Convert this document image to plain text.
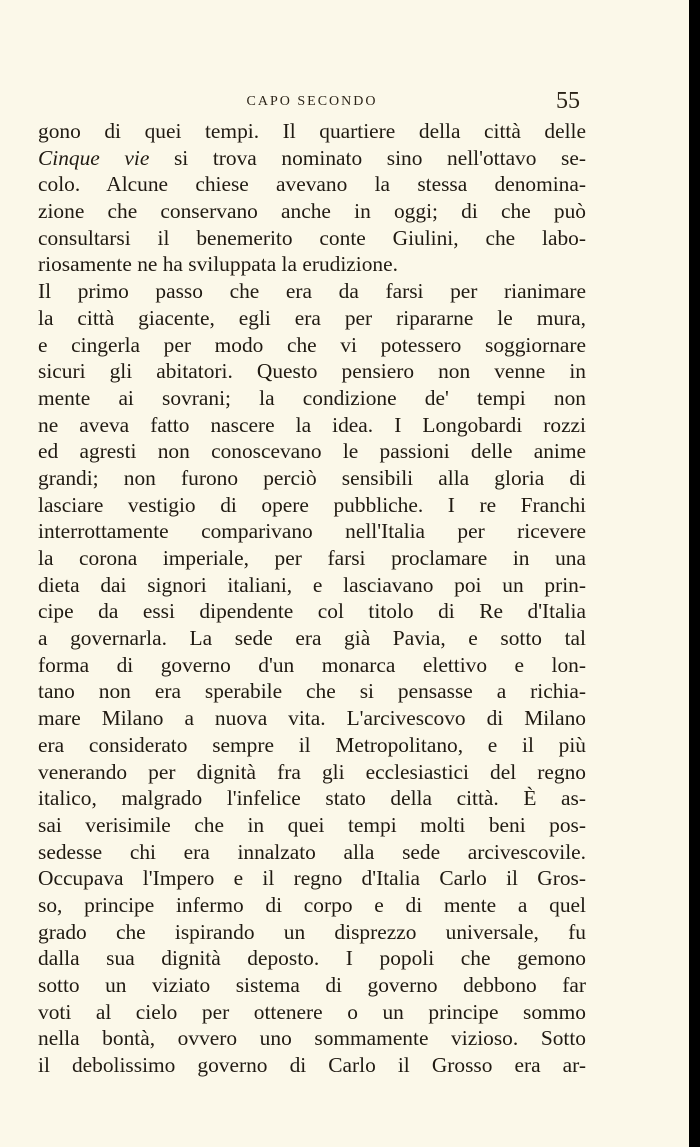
CAPO SECONDO	55
gono di quei tempi. Il quartiere della città delle
Cinque vie si trova nominato sino nell'ottavo se-
colo. Alcune chiese avevano la stessa denomina-
zione che conservano anche in oggi; di che può
consultarsi il benemerito conte Giulini, che labo-
riosamente ne ha sviluppata la erudizione.
Il primo passo che era da farsi per rianimare
la città giacente, egli era per ripararne le mura,
e cingerla per modo che vi potessero soggiornare
sicuri gli abitatori. Questo pensiero non venne in
mente ai sovrani; la condizione de' tempi non
ne aveva fatto nascere la idea. I Longobardi rozzi
ed agresti non conoscevano le passioni delle anime
grandi; non furono perciò sensibili alla gloria di
lasciare vestigio di opere pubbliche. I re Franchi
interrottamente comparivano nell'Italia per ricevere
la corona imperiale, per farsi proclamare in una
dieta dai signori italiani, e lasciavano poi un prin-
cipe da essi dipendente col titolo di Re d'Italia
a governarla. La sede era già Pavia, e sotto tal
forma di governo d'un monarca elettivo e lon-
tano non era sperabile che si pensasse a richia-
mare Milano a nuova vita. L'arcivescovo di Milano
era considerato sempre il Metropolitano, e il più
venerando per dignità fra gli ecclesiastici del regno
italico, malgrado l'infelice stato della città. È as-
sai verisimile che in quei tempi molti beni pos-
sedesse chi era innalzato alla sede arcivescovile.
Occupava l'Impero e il regno d'Italia Carlo il Gros-
so, principe infermo di corpo e di mente a quel
grado che ispirando un disprezzo universale, fu
dalla sua dignità deposto. I popoli che gemono
sotto un viziato sistema di governo debbono far
voti al cielo per ottenere o un principe sommo
nella bontà, ovvero uno sommamente vizioso. Sotto
il debolissimo governo di Carlo il Grosso era ar-
